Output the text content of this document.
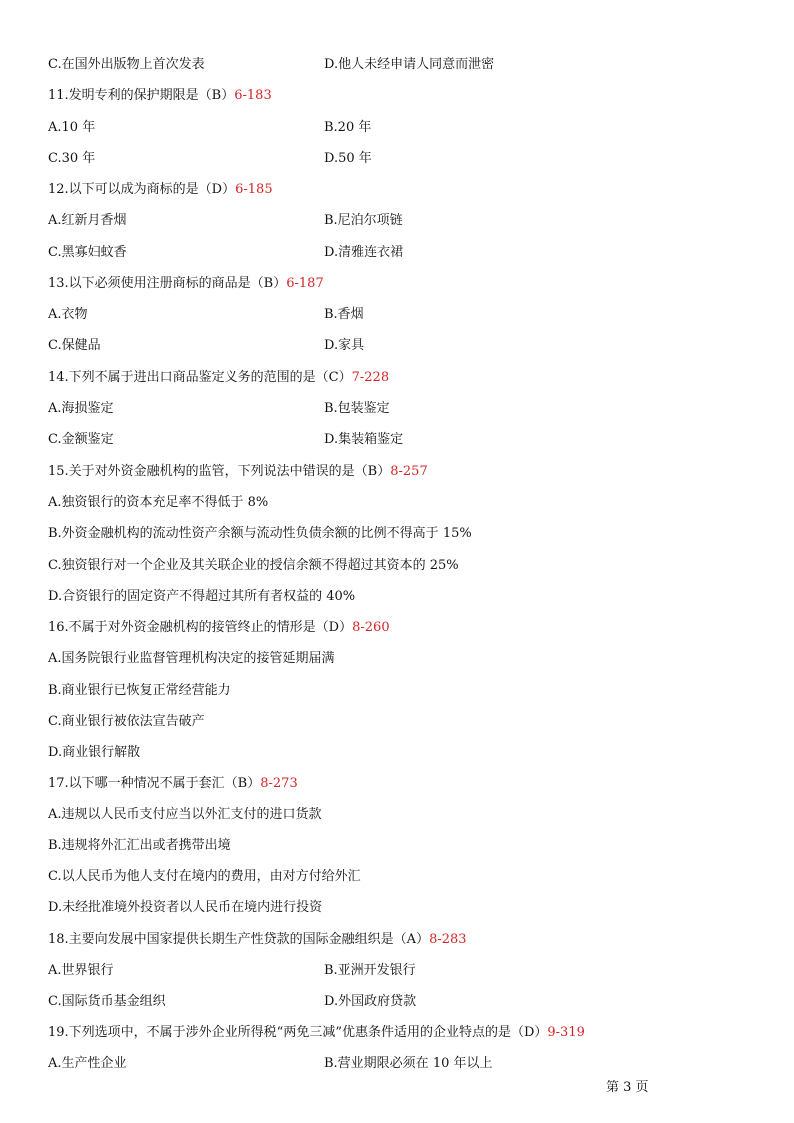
C.在国外出版物上首次发表	D.他人未经申请人同意而泄密
11.发明专利的保护期限是（B）6-183
A.10 年	B.20 年
C.30 年	D.50 年
12.以下可以成为商标的是（D）6-185
A.红新月香烟	B.尼泊尔项链
C.黑寡妇蚊香	D.清雅连衣裙
13.以下必须使用注册商标的商品是（B）6-187
A.衣物	B.香烟
C.保健品	D.家具
14.下列不属于进出口商品鉴定义务的范围的是（C）7-228
A.海损鉴定	B.包装鉴定
C.金额鉴定	D.集装箱鉴定
15.关于对外资金融机构的监管，下列说法中错误的是（B）8-257
A.独资银行的资本充足率不得低于 8%
B.外资金融机构的流动性资产余额与流动性负债余额的比例不得高于 15%
C.独资银行对一个企业及其关联企业的授信余额不得超过其资本的 25%
D.合资银行的固定资产不得超过其所有者权益的 40%
16.不属于对外资金融机构的接管终止的情形是（D）8-260
A.国务院银行业监督管理机构决定的接管延期届满
B.商业银行已恢复正常经营能力
C.商业银行被依法宣告破产
D.商业银行解散
17.以下哪一种情况不属于套汇（B）8-273
A.违规以人民币支付应当以外汇支付的进口货款
B.违规将外汇汇出或者携带出境
C.以人民币为他人支付在境内的费用，由对方付给外汇
D.未经批准境外投资者以人民币在境内进行投资
18.主要向发展中国家提供长期生产性贷款的国际金融组织是（A）8-283
A.世界银行	B.亚洲开发银行
C.国际货币基金组织	D.外国政府贷款
19.下列选项中，不属于涉外企业所得税“两免三减”优惠条件适用的企业特点的是（D）9-319
A.生产性企业	B.营业期限必须在 10 年以上
第 3 页
